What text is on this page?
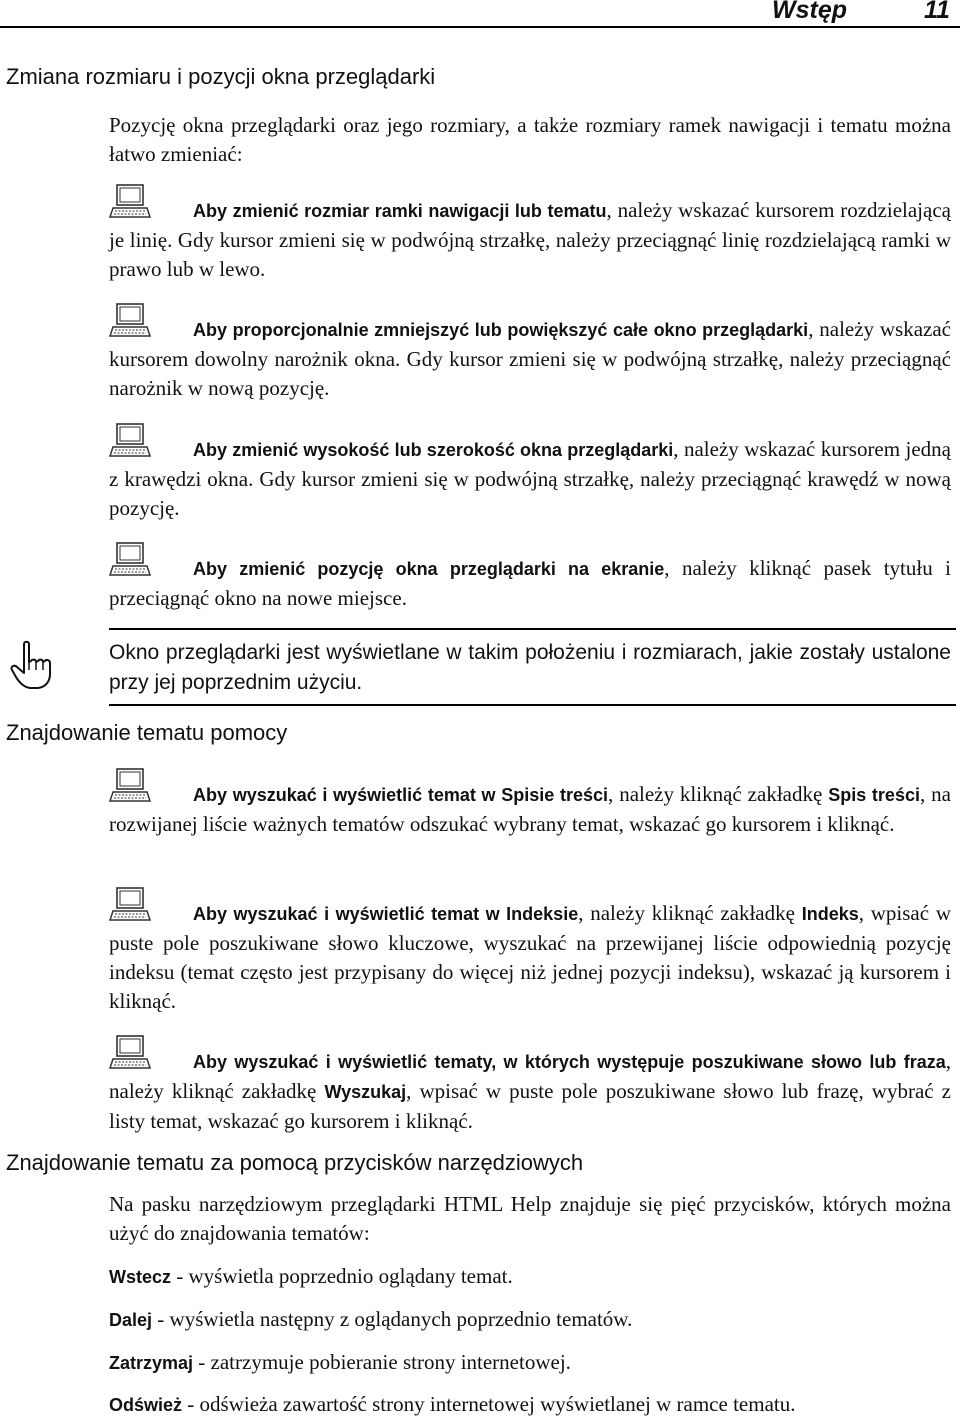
Wstęp	11
Zmiana rozmiaru i pozycji okna przeglądarki
Pozycję okna przeglądarki oraz jego rozmiary, a także rozmiary ramek nawigacji i tematu można łatwo zmieniać:
Aby zmienić rozmiar ramki nawigacji lub tematu, należy wskazać kursorem rozdzielającą je linię. Gdy kursor zmieni się w podwójną strzałkę, należy przeciągnąć linię rozdzielającą ramki w prawo lub w lewo.
Aby proporcjonalnie zmniejszyć lub powiększyć całe okno przeglądarki, należy wskazać kursorem dowolny narożnik okna. Gdy kursor zmieni się w podwójną strzałkę, należy przeciągnąć narożnik w nową pozycję.
Aby zmienić wysokość lub szerokość okna przeglądarki, należy wskazać kursorem jedną z krawędzi okna. Gdy kursor zmieni się w podwójną strzałkę, należy przeciągnąć krawędź w nową pozycję.
Aby zmienić pozycję okna przeglądarki na ekranie, należy kliknąć pasek tytułu i przeciągnąć okno na nowe miejsce.
Okno przeglądarki jest wyświetlane w takim położeniu i rozmiarach, jakie zostały ustalone przy jej poprzednim użyciu.
Znajdowanie tematu pomocy
Aby wyszukać i wyświetlić temat w Spisie treści, należy kliknąć zakładkę Spis treści, na rozwijanej liście ważnych tematów odszukać wybrany temat, wskazać go kursorem i kliknąć.
Aby wyszukać i wyświetlić temat w Indeksie, należy kliknąć zakładkę Indeks, wpisać w puste pole poszukiwane słowo kluczowe, wyszukać na przewijanej liście odpowiednią pozycję indeksu (temat często jest przypisany do więcej niż jednej pozycji indeksu), wskazać ją kursorem i kliknąć.
Aby wyszukać i wyświetlić tematy, w których występuje poszukiwane słowo lub fraza, należy kliknąć zakładkę Wyszukaj, wpisać w puste pole poszukiwane słowo lub frazę, wybrać z listy temat, wskazać go kursorem i kliknąć.
Znajdowanie tematu za pomocą przycisków narzędziowych
Na pasku narzędziowym przeglądarki HTML Help znajduje się pięć przycisków, których można użyć do znajdowania tematów:
Wstecz - wyświetla poprzednio oglądany temat.
Dalej - wyświetla następny z oglądanych poprzednio tematów.
Zatrzymaj - zatrzymuje pobieranie strony internetowej.
Odśwież - odświeża zawartość strony internetowej wyświetlanej w ramce tematu.
